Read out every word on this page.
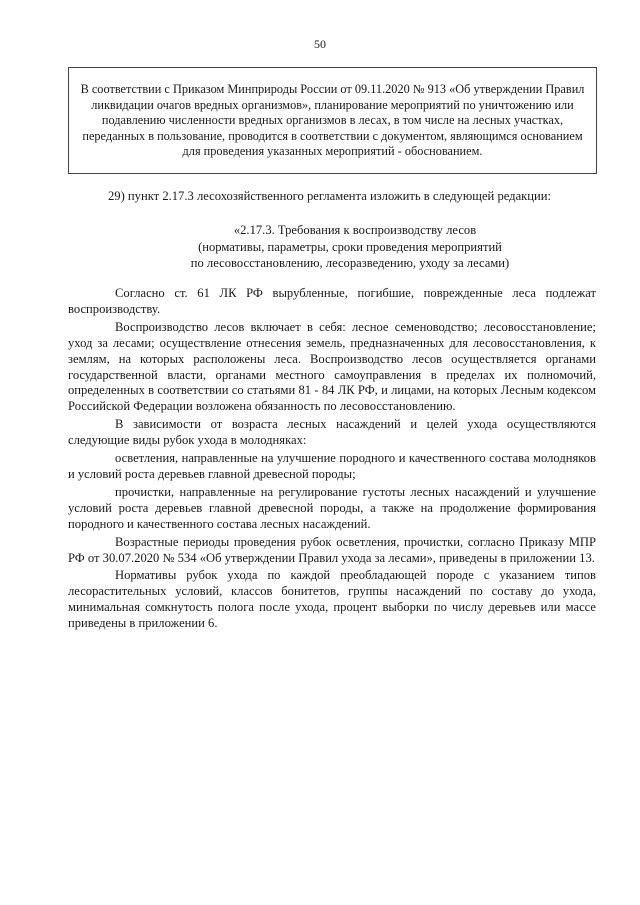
50
В соответствии с Приказом Минприроды России от 09.11.2020 № 913 «Об утверждении Правил ликвидации очагов вредных организмов», планирование мероприятий по уничтожению или подавлению численности вредных организмов в лесах, в том числе на лесных участках, переданных в пользование, проводится в соответствии с документом, являющимся основанием для проведения указанных мероприятий - обоснованием.
29) пункт 2.17.3 лесохозяйственного регламента изложить в следующей редакции:
«2.17.3. Требования к воспроизводству лесов
(нормативы, параметры, сроки проведения мероприятий
по лесовосстановлению, лесоразведению, уходу за лесами)

Согласно ст. 61 ЛК РФ вырубленные, погибшие, поврежденные леса подлежат воспроизводству.

Воспроизводство лесов включает в себя: лесное семеноводство; лесовосстановление; уход за лесами; осуществление отнесения земель, предназначенных для лесовосстановления, к землям, на которых расположены леса. Воспроизводство лесов осуществляется органами государственной власти, органами местного самоуправления в пределах их полномочий, определенных в соответствии со статьями 81 - 84 ЛК РФ, и лицами, на которых Лесным кодексом Российской Федерации возложена обязанность по лесовосстановлению.

В зависимости от возраста лесных насаждений и целей ухода осуществляются следующие виды рубок ухода в молодняках:

осветления, направленные на улучшение породного и качественного состава молодняков и условий роста деревьев главной древесной породы;

прочистки, направленные на регулирование густоты лесных насаждений и улучшение условий роста деревьев главной древесной породы, а также на продолжение формирования породного и качественного состава лесных насаждений.

Возрастные периоды проведения рубок осветления, прочистки, согласно Приказу МПР РФ от 30.07.2020 № 534 «Об утверждении Правил ухода за лесами», приведены в приложении 13.

Нормативы рубок ухода по каждой преобладающей породе с указанием типов лесорастительных условий, классов бонитетов, группы насаждений по составу до ухода, минимальная сомкнутость полога после ухода, процент выборки по числу деревьев или массе приведены в приложении 6.
